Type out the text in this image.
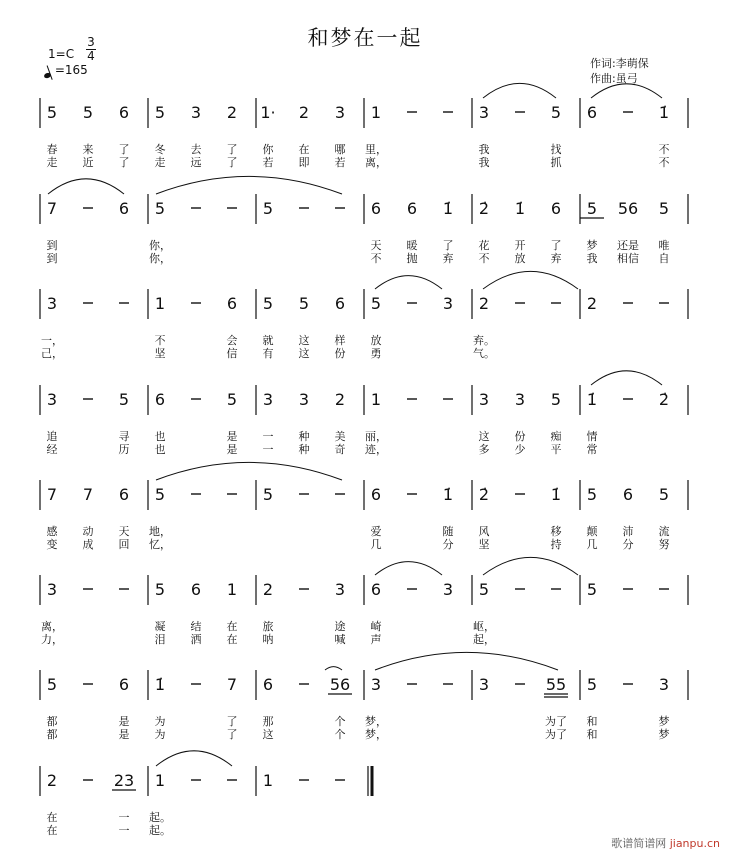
和梦在一起
1=C
3
4
=165	作词:李萌保
作曲:虽弓
5 5 6 5 3 2 1· 2 3 1	3	5 6	1̇
春 来 了 冬 去 了 你 在 哪 里，	我	找	不
走 近 了 走 远 了 若 即 若 离，	我	抓	不
7	6 5	5	6 6 1̇ 2̇ 1̇ 6 5 56 5
到	你，	天 暖 了 花 开 了 梦 还是 唯
到	你，	不 抛 弃 不 放 弃 我 相信 自
3	1	6 5 5 6 5	3 2	2
一，	不	会 就 这 样 放	弃。
己，	坚	信 有 这 份 勇	气。
3	5 6	5 3 3 2 1	3 3 5 1̇	2̇
追	寻 也	是 一 种 美 丽，	这 份 痴 情
经	历 也	是 一 种 奇 迹，	多 少 平 常
7 7 6 5	5	6	1̇ 2̇	1̇ 5 6 5
感 动 天 地，	爱	随 风	移 颠 沛 流
变 成 回 忆，	几	分 坚	持 几 分 努
3	5 6 1 2	3 6	3 5	5
离，	凝 结 在 旅	途 崎	岖，
力，	泪 洒 在 呐	喊 声	起，
5	6 1̇	7 6	56 3	3	55 5	3
都	是 为	了 那	个 梦，	为了 和	梦
都	是 为	了 这	个 梦，	为了 和	梦
2	23 1	1
在	一 起。
在	一 起。
歌谱简谱网 jianpu.cn
